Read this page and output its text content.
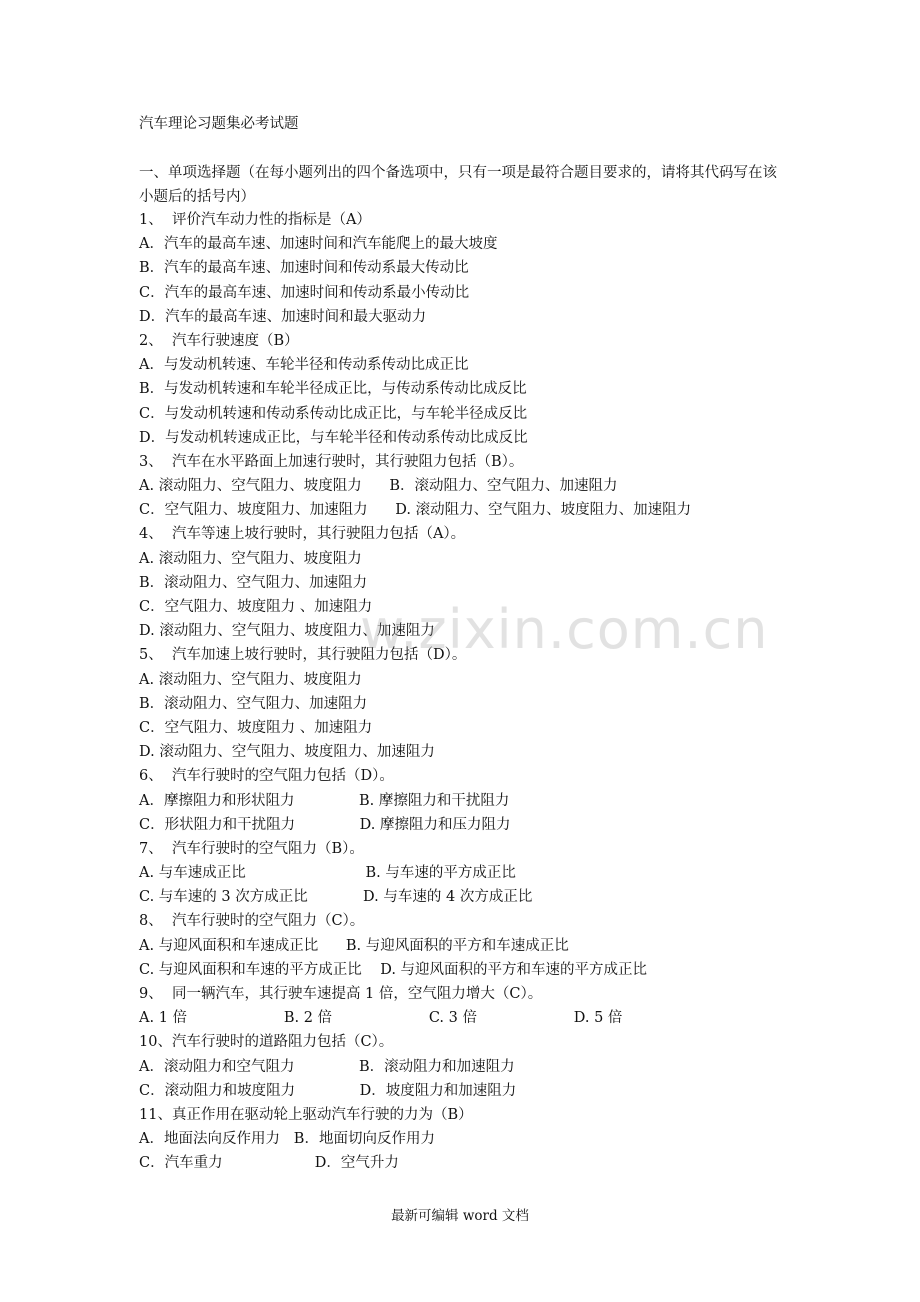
汽车理论习题集必考试题
一、单项选择题（在每小题列出的四个备选项中，只有一项是最符合题目要求的，请将其代码写在该小题后的括号内）
1、  评价汽车动力性的指标是（A）
A．汽车的最高车速、加速时间和汽车能爬上的最大坡度
B．汽车的最高车速、加速时间和传动系最大传动比
C．汽车的最高车速、加速时间和传动系最小传动比
D．汽车的最高车速、加速时间和最大驱动力
2、  汽车行驶速度（B）
A．与发动机转速、车轮半径和传动系传动比成正比
B．与发动机转速和车轮半径成正比，与传动系传动比成反比
C．与发动机转速和传动系传动比成正比，与车轮半径成反比
D．与发动机转速成正比，与车轮半径和传动系传动比成反比
3、  汽车在水平路面上加速行驶时，其行驶阻力包括（B）。
A. 滚动阻力、空气阻力、坡度阻力      B．滚动阻力、空气阻力、加速阻力
C．空气阻力、坡度阻力、加速阻力      D. 滚动阻力、空气阻力、坡度阻力、加速阻力
4、  汽车等速上坡行驶时，其行驶阻力包括（A）。
A. 滚动阻力、空气阻力、坡度阻力
B．滚动阻力、空气阻力、加速阻力
C．空气阻力、坡度阻力 、加速阻力
D. 滚动阻力、空气阻力、坡度阻力、加速阻力
5、  汽车加速上坡行驶时，其行驶阻力包括（D）。
A. 滚动阻力、空气阻力、坡度阻力
B．滚动阻力、空气阻力、加速阻力
C．空气阻力、坡度阻力 、加速阻力
D. 滚动阻力、空气阻力、坡度阻力、加速阻力
6、  汽车行驶时的空气阻力包括（D）。
A．摩擦阻力和形状阻力              B. 摩擦阻力和干扰阻力
C．形状阻力和干扰阻力              D. 摩擦阻力和压力阻力
7、  汽车行驶时的空气阻力（B）。
A. 与车速成正比                          B. 与车速的平方成正比
C. 与车速的 3 次方成正比            D. 与车速的 4 次方成正比
8、  汽车行驶时的空气阻力（C）。
A. 与迎风面积和车速成正比      B. 与迎风面积的平方和车速成正比
C. 与迎风面积和车速的平方成正比    D. 与迎风面积的平方和车速的平方成正比
9、  同一辆汽车，其行驶车速提高 1 倍，空气阻力增大（C）。
A. 1 倍                     B. 2 倍                     C. 3 倍                     D. 5 倍
10、汽车行驶时的道路阻力包括（C）。
A．滚动阻力和空气阻力              B．滚动阻力和加速阻力
C．滚动阻力和坡度阻力              D．坡度阻力和加速阻力
11、真正作用在驱动轮上驱动汽车行驶的力为（B）
A．地面法向反作用力   B．地面切向反作用力
C．汽车重力                    D．空气升力
w.zixin.com.cn
最新可编辑 word 文档
